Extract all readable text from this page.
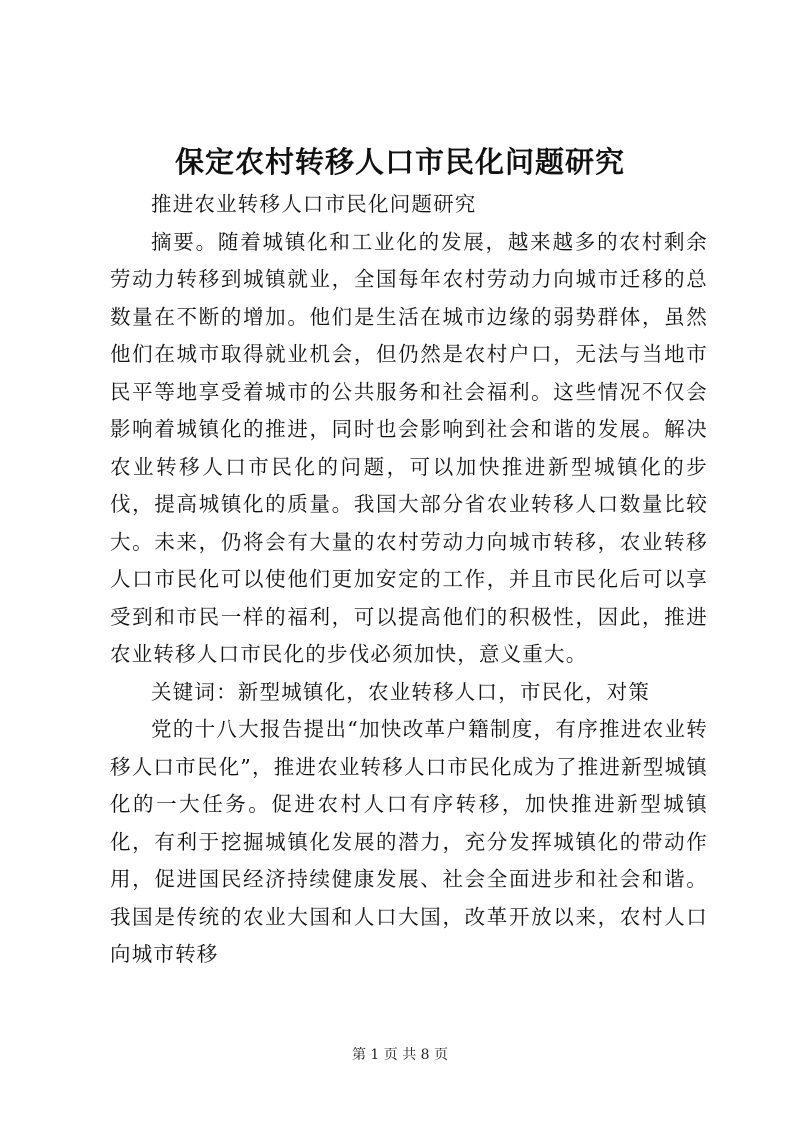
保定农村转移人口市民化问题研究

推进农业转移人口市民化问题研究

摘要。随着城镇化和工业化的发展，越来越多的农村剩余劳动力转移到城镇就业，全国每年农村劳动力向城市迁移的总数量在不断的增加。他们是生活在城市边缘的弱势群体，虽然他们在城市取得就业机会，但仍然是农村户口，无法与当地市民平等地享受着城市的公共服务和社会福利。这些情况不仅会影响着城镇化的推进，同时也会影响到社会和谐的发展。解决农业转移人口市民化的问题，可以加快推进新型城镇化的步伐，提高城镇化的质量。我国大部分省农业转移人口数量比较大。未来，仍将会有大量的农村劳动力向城市转移，农业转移人口市民化可以使他们更加安定的工作，并且市民化后可以享受到和市民一样的福利，可以提高他们的积极性，因此，推进农业转移人口市民化的步伐必须加快，意义重大。

关键词：新型城镇化，农业转移人口，市民化，对策

党的十八大报告提出“加快改革户籍制度，有序推进农业转移人口市民化”，推进农业转移人口市民化成为了推进新型城镇化的一大任务。促进农村人口有序转移，加快推进新型城镇化，有利于挖掘城镇化发展的潜力，充分发挥城镇化的带动作用，促进国民经济持续健康发展、社会全面进步和社会和谐。我国是传统的农业大国和人口大国，改革开放以来，农村人口向城市转移

第 1 页 共 8 页
